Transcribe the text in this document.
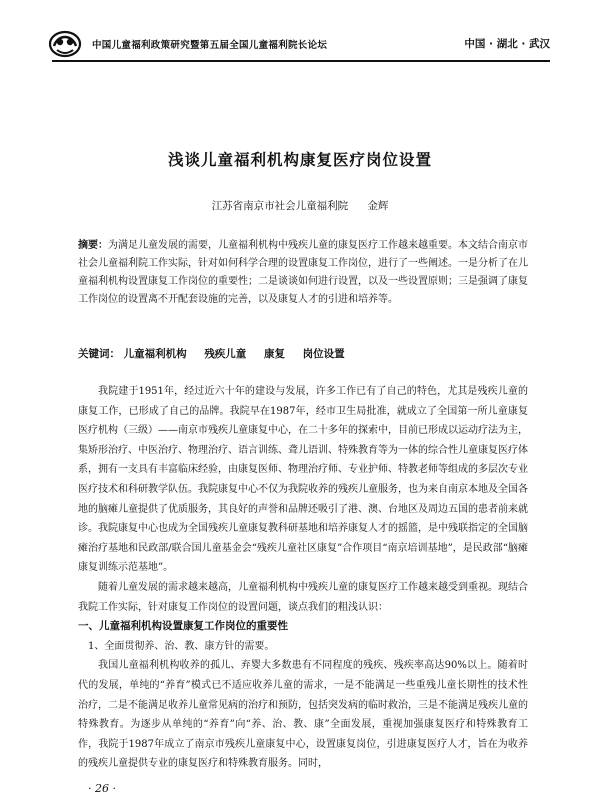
中国儿童福利政策研究暨第五届全国儿童福利院长论坛	中国 · 湖北 · 武汉
浅谈儿童福利机构康复医疗岗位设置
江苏省南京市社会儿童福利院 金辉
摘要：为满足儿童发展的需要，儿童福利机构中残疾儿童的康复医疗工作越来越重要。本文结合南京市社会儿童福利院工作实际，针对如何科学合理的设置康复工作岗位，进行了一些阐述。一是分析了在儿童福利机构设置康复工作岗位的重要性；二是谈谈如何进行设置，以及一些设置原则；三是强调了康复工作岗位的设置离不开配套设施的完善，以及康复人才的引进和培养等。
关键词： 儿童福利机构 残疾儿童 康复 岗位设置

我院建于1951年，经过近六十年的建设与发展，许多工作已有了自己的特色，尤其是残疾儿童的康复工作，已形成了自己的品牌。我院早在1987年，经市卫生局批准，就成立了全国第一所儿童康复医疗机构（三级）——南京市残疾儿童康复中心，在二十多年的探索中，目前已形成以运动疗法为主，集矫形治疗、中医治疗、物理治疗、语言训练、聋儿语训、特殊教育等为一体的综合性儿童康复医疗体系，拥有一支具有丰富临床经验，由康复医师、物理治疗师、专业护师、特教老师等组成的多层次专业医疗技术和科研教学队伍。我院康复中心不仅为我院收养的残疾儿童服务，也为来自南京本地及全国各地的脑瘫儿童提供了优质服务，其良好的声誉和品牌还吸引了港、澳、台地区及周边五国的患者前来就诊。我院康复中心也成为全国残疾儿童康复教科研基地和培养康复人才的摇篮，是中残联指定的全国脑瘫治疗基地和民政部/联合国儿童基金会“残疾儿童社区康复”合作项目“南京培训基地”，是民政部“脑瘫康复训练示范基地”。

随着儿童发展的需求越来越高，儿童福利机构中残疾儿童的康复医疗工作越来越受到重视。现结合我院工作实际，针对康复工作岗位的设置问题，谈点我们的粗浅认识：

一、儿童福利机构设置康复工作岗位的重要性

1、全面贯彻养、治、教、康方针的需要。

我国儿童福利机构收养的孤儿、弃婴大多数患有不同程度的残疾、残疾率高达90%以上。随着时代的发展，单纯的“养育”模式已不适应收养儿童的需求，一是不能满足一些重残儿童长期性的技术性治疗，二是不能满足收养儿童常见病的治疗和预防，包括突发病的临时救治，三是不能满足残疾儿童的特殊教育。为逐步从单纯的“养育”向“养、治、教、康”全面发展，重视加强康复医疗和特殊教育工作，我院于1987年成立了南京市残疾儿童康复中心，设置康复岗位，引进康复医疗人才，旨在为收养的残疾儿童提供专业的康复医疗和特殊教育服务。同时，

· 26 ·
